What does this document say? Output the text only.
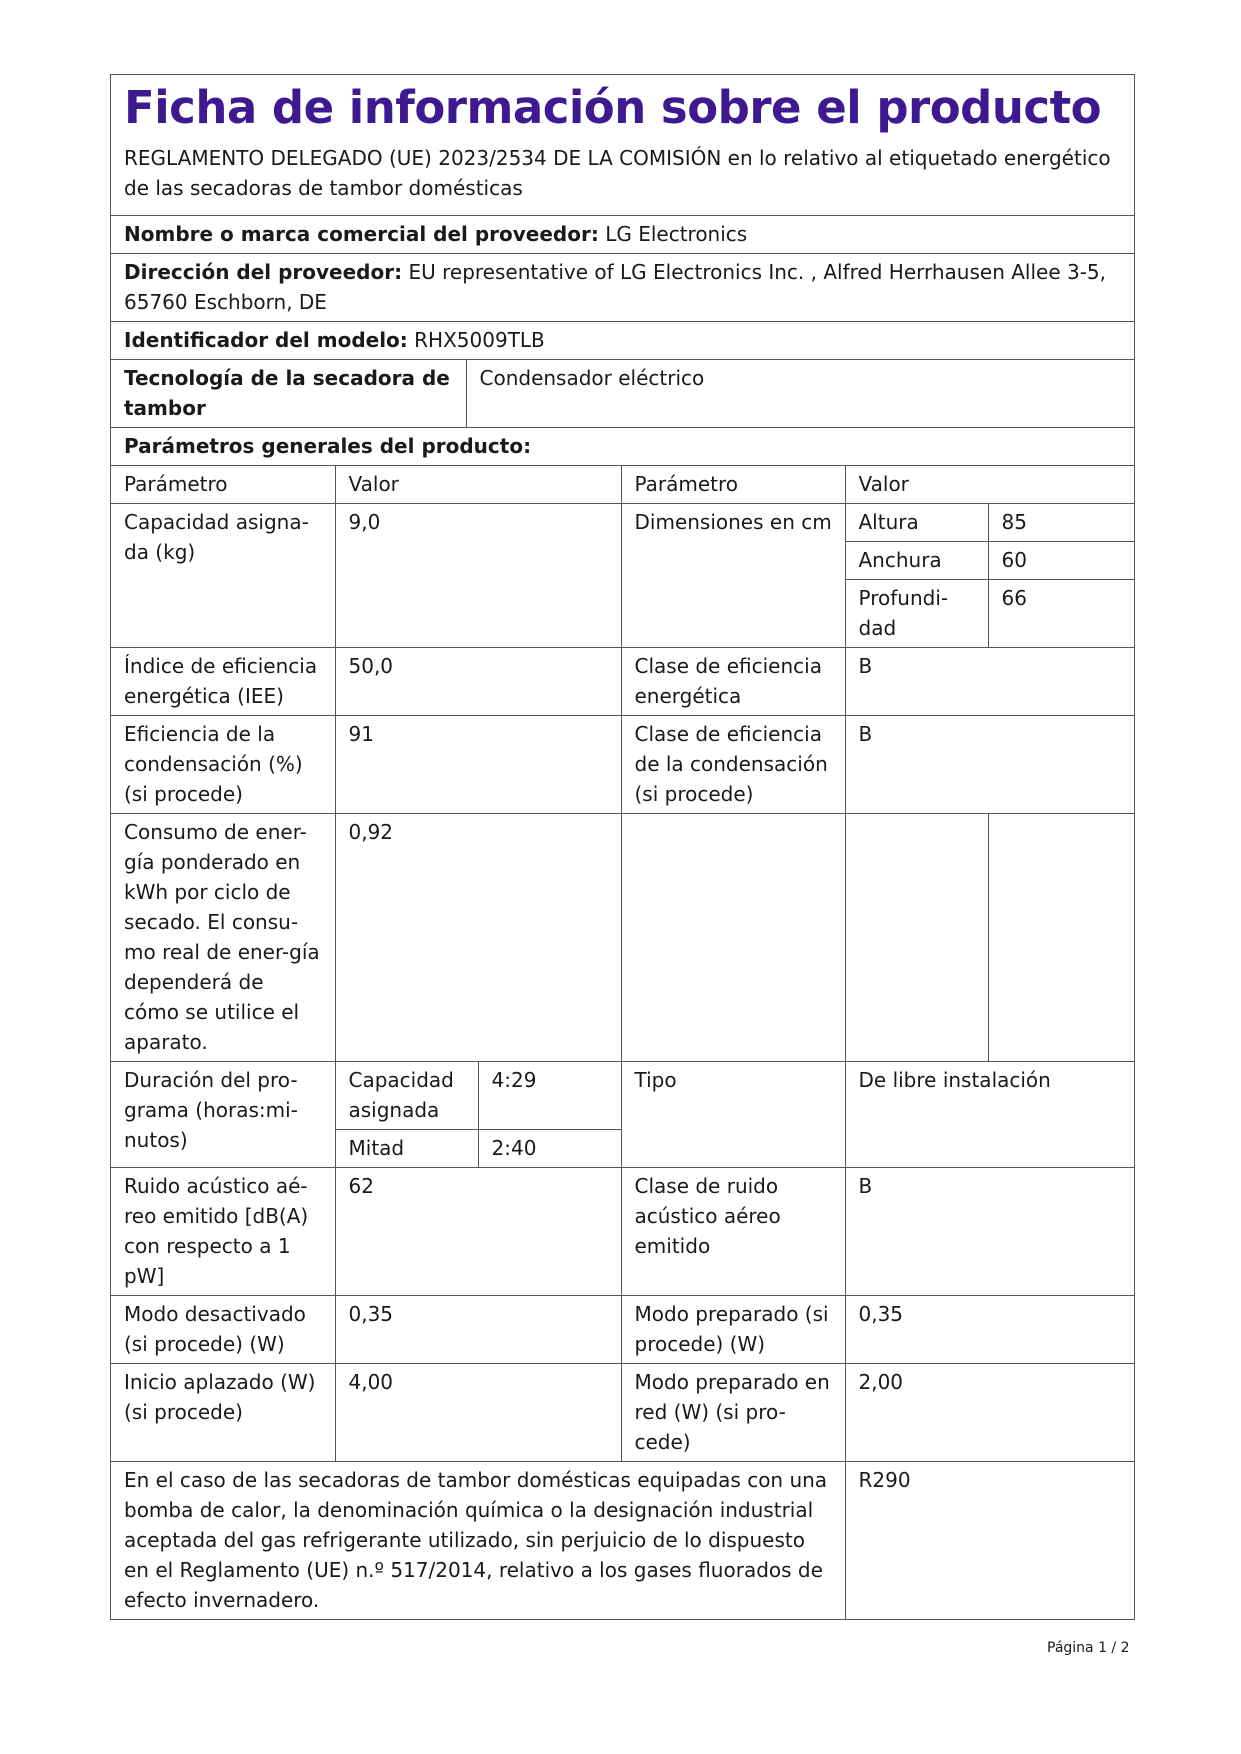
Ficha de información sobre el producto
REGLAMENTO DELEGADO (UE) 2023/2534 DE LA COMISIÓN en lo relativo al etiquetado energético de las secadoras de tambor domésticas
Nombre o marca comercial del proveedor: LG Electronics
Dirección del proveedor: EU representative of LG Electronics Inc. , Alfred Herrhausen Allee 3-5, 65760 Eschborn, DE
Identificador del modelo: RHX5009TLB
Tecnología de la secadora de tambor	Condensador eléctrico
Parámetros generales del producto:
Parámetro	Valor		Parámetro	Valor	
Capacidad asigna-da (kg)	9,0		Dimensiones en cm	Altura	85
				Anchura	60
				Profundi-dad	66
Índice de eficiencia energética (IEE)	50,0		Clase de eficiencia energética	B	
Eficiencia de la condensación (%) (si procede)	91		Clase de eficiencia de la condensación (si procede)	B	
Consumo de ener-gía ponderado en kWh por ciclo de secado. El consu-mo real de ener-gía dependerá de cómo se utilice el aparato.	0,92				
Duración del pro-grama (horas:mi-nutos)	Capacidad asignada	4:29	Tipo	De libre instalación	
	Mitad	2:40			
Ruido acústico aé-reo emitido [dB(A) con respecto a 1 pW]	62		Clase de ruido acústico aéreo emitido	B	
Modo desactivado (si procede) (W)	0,35		Modo preparado (si procede) (W)	0,35	
Inicio aplazado (W) (si procede)	4,00		Modo preparado en red (W) (si pro-cede)	2,00	
En el caso de las secadoras de tambor domésticas equipadas con una bomba de calor, la denominación química o la designación industrial aceptada del gas refrigerante utilizado, sin perjuicio de lo dispuesto en el Reglamento (UE) n.º 517/2014, relativo a los gases fluorados de efecto invernadero.				R290	
Página 1 / 2
